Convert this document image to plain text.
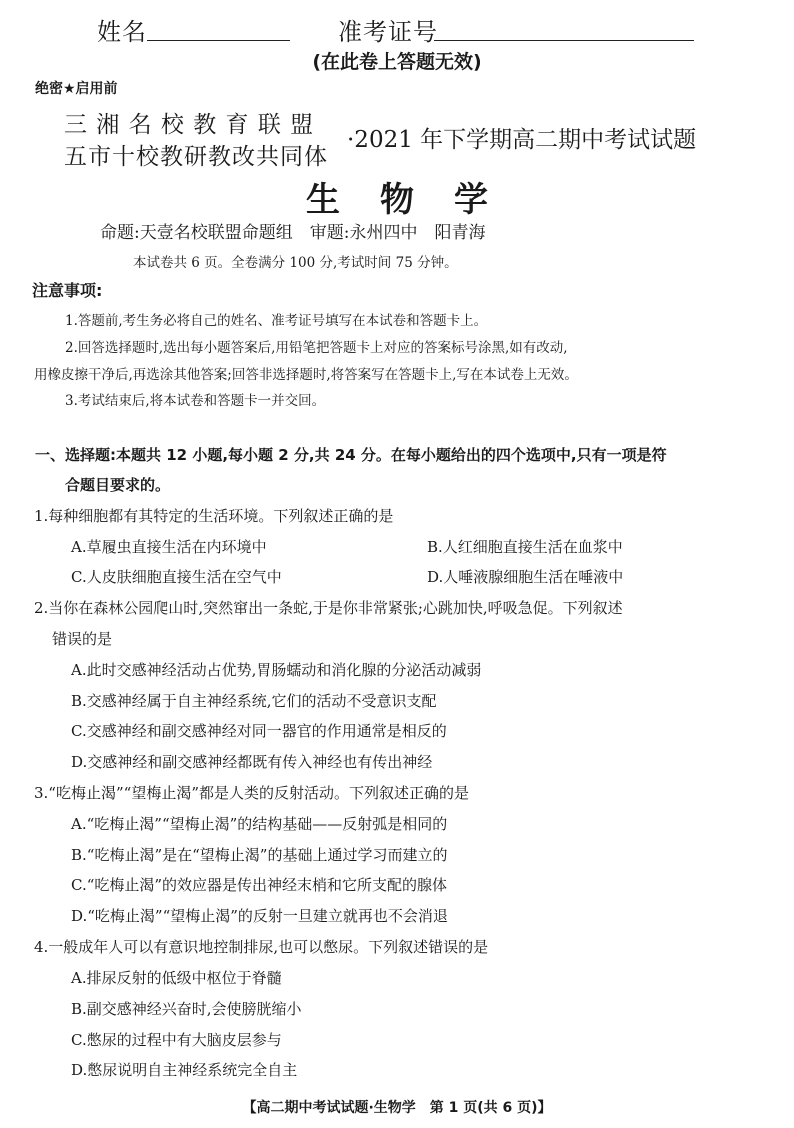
姓名	准考证号
(在此卷上答题无效)
绝密★启用前
三 湘 名 校 教 育 联 盟
五市十校教研教改共同体
·2021 年下学期高二期中考试试题
生物学
命题:天壹名校联盟命题组　审题:永州四中　阳青海
本试卷共 6 页。全卷满分 100 分,考试时间 75 分钟。
注意事项:
1.答题前,考生务必将自己的姓名、准考证号填写在本试卷和答题卡上。
2.回答选择题时,选出每小题答案后,用铅笔把答题卡上对应的答案标号涂黑,如有改动,
用橡皮擦干净后,再选涂其他答案;回答非选择题时,将答案写在答题卡上,写在本试卷上无效。
3.考试结束后,将本试卷和答题卡一并交回。
一、选择题:本题共 12 小题,每小题 2 分,共 24 分。在每小题给出的四个选项中,只有一项是符
合题目要求的。
1.每种细胞都有其特定的生活环境。下列叙述正确的是
A.草履虫直接生活在内环境中	B.人红细胞直接生活在血浆中
C.人皮肤细胞直接生活在空气中	D.人唾液腺细胞生活在唾液中
2.当你在森林公园爬山时,突然窜出一条蛇,于是你非常紧张;心跳加快,呼吸急促。下列叙述
错误的是
A.此时交感神经活动占优势,胃肠蠕动和消化腺的分泌活动减弱
B.交感神经属于自主神经系统,它们的活动不受意识支配
C.交感神经和副交感神经对同一器官的作用通常是相反的
D.交感神经和副交感神经都既有传入神经也有传出神经
3.“吃梅止渴”“望梅止渴”都是人类的反射活动。下列叙述正确的是
A.“吃梅止渴”“望梅止渴”的结构基础——反射弧是相同的
B.“吃梅止渴”是在“望梅止渴”的基础上通过学习而建立的
C.“吃梅止渴”的效应器是传出神经末梢和它所支配的腺体
D.“吃梅止渴”“望梅止渴”的反射一旦建立就再也不会消退
4.一般成年人可以有意识地控制排尿,也可以憋尿。下列叙述错误的是
A.排尿反射的低级中枢位于脊髓
B.副交感神经兴奋时,会使膀胱缩小
C.憋尿的过程中有大脑皮层参与
D.憋尿说明自主神经系统完全自主
【高二期中考试试题·生物学　第 1 页(共 6 页)】
